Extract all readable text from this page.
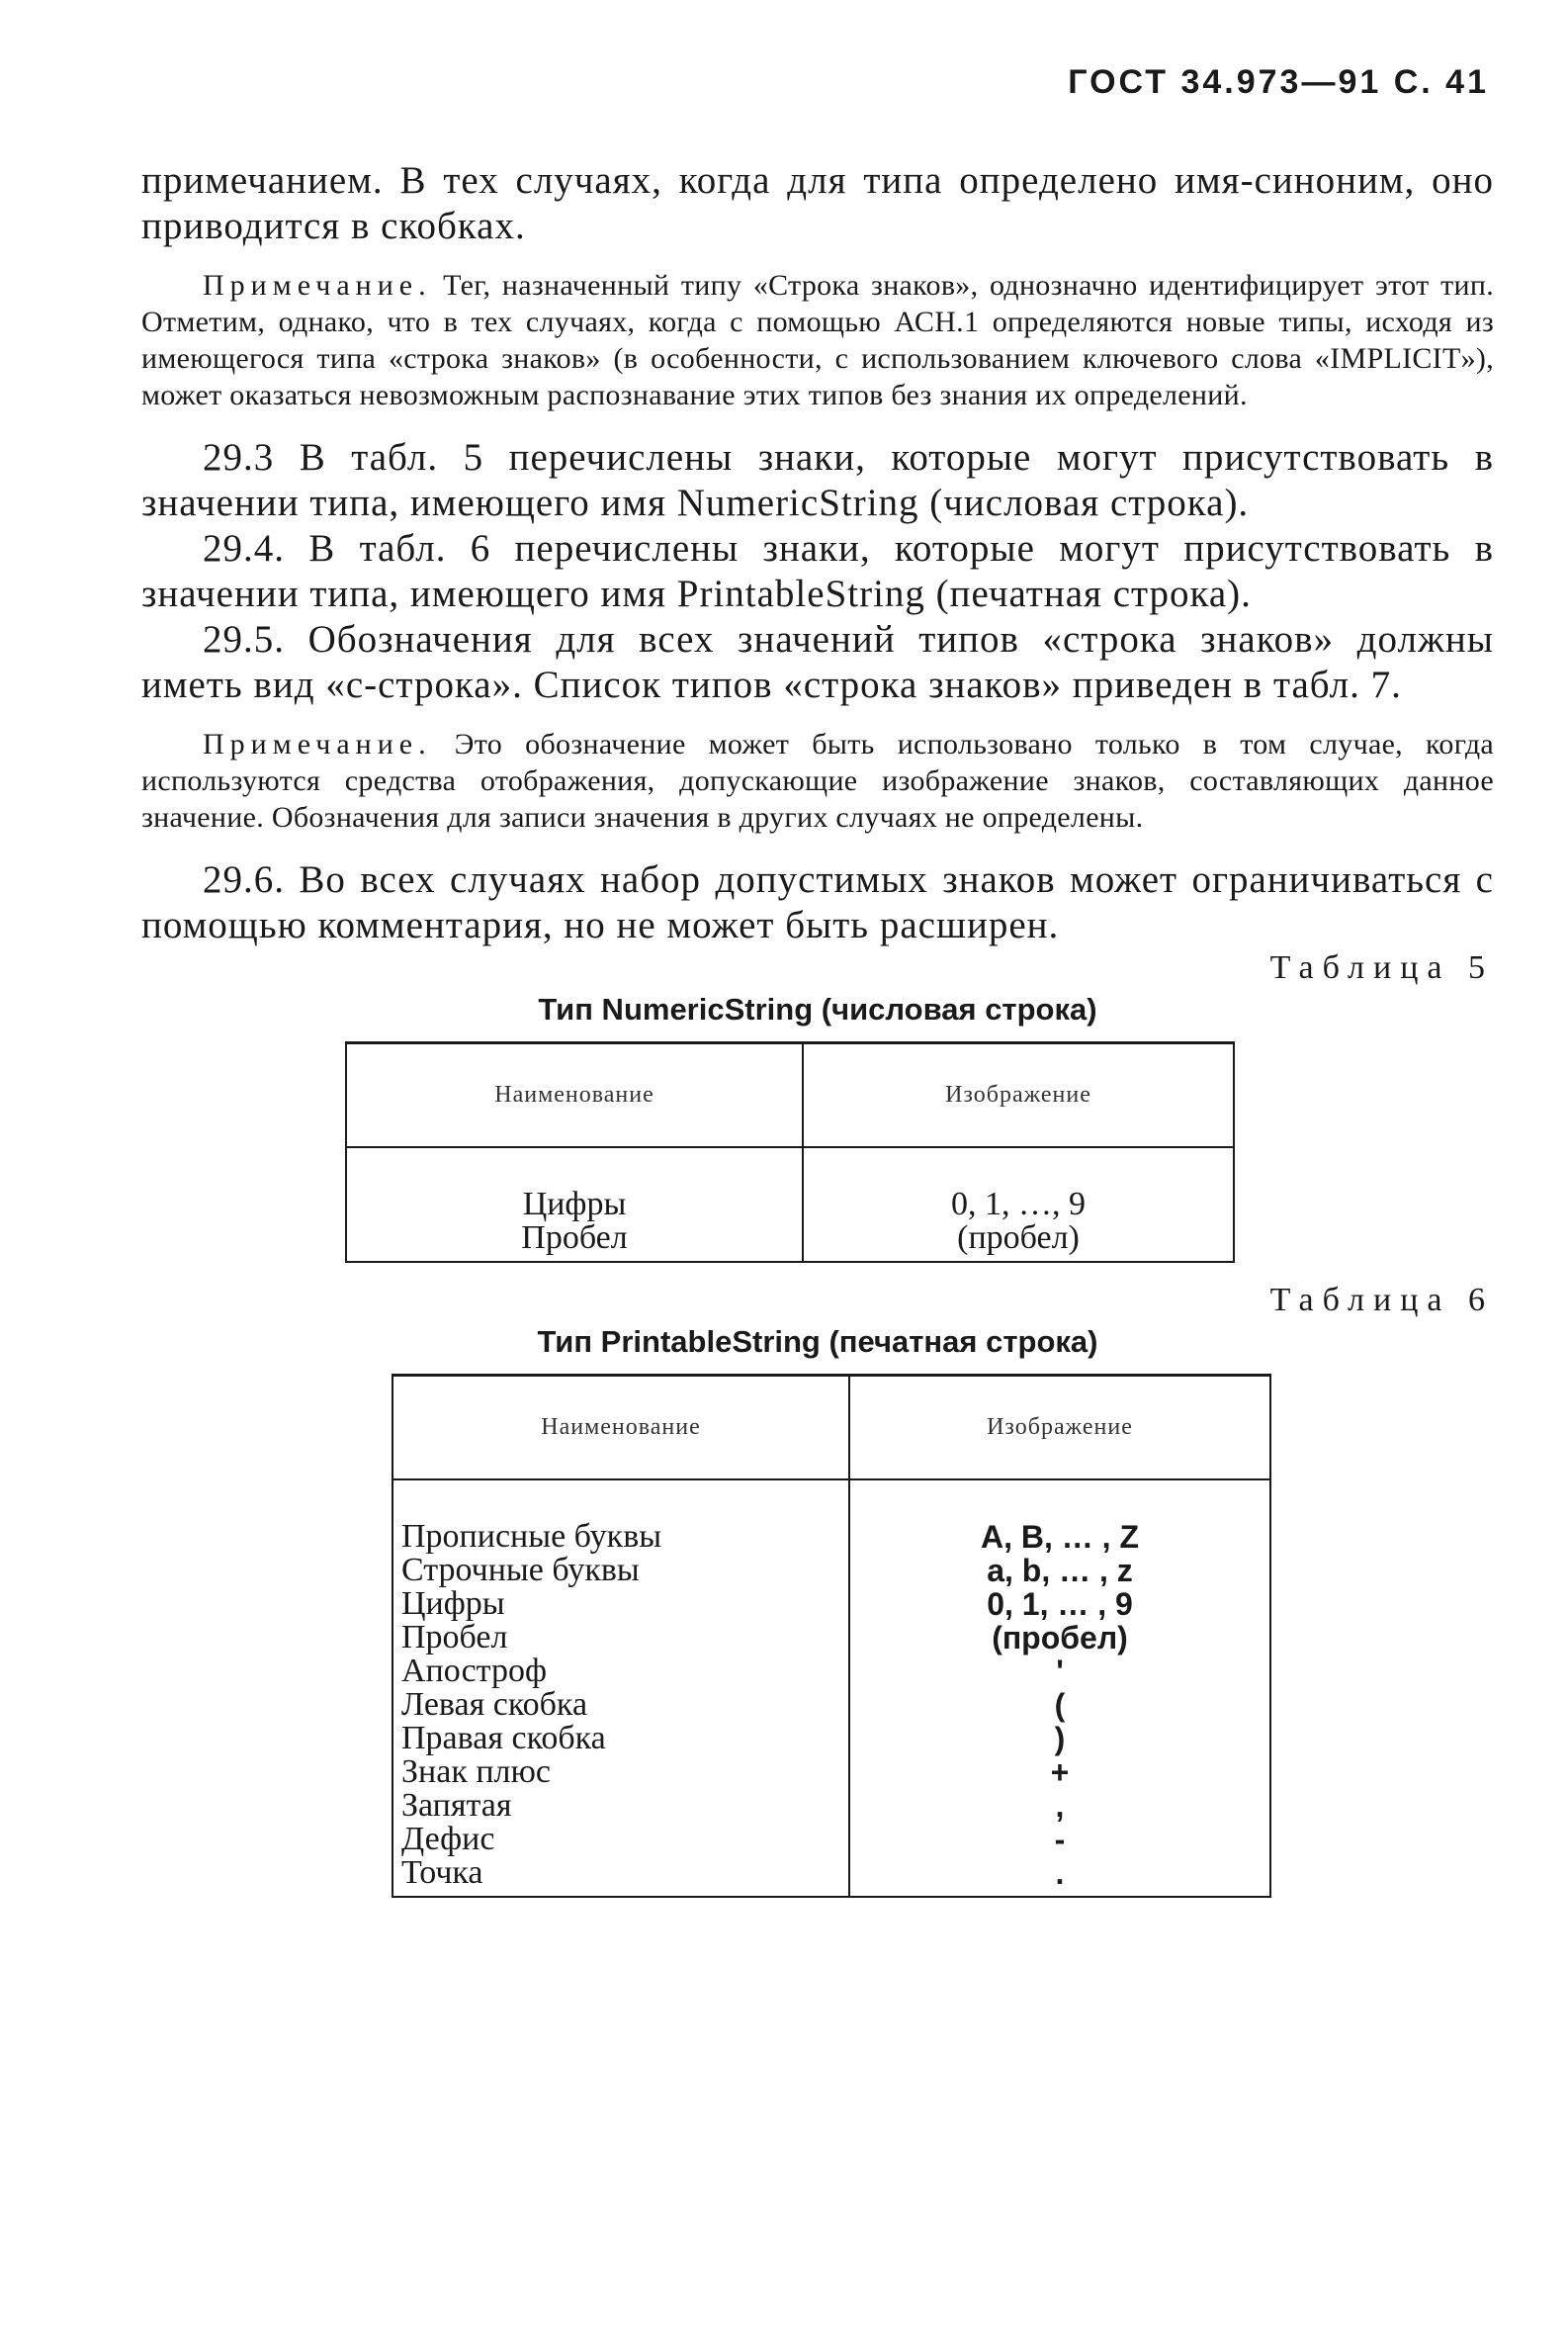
ГОСТ 34.973—91 С. 41

примечанием. В тех случаях, когда для типа определено имя-синоним, оно приводится в скобках.

Примечание. Тег, назначенный типу «Строка знаков», однозначно идентифицирует этот тип. Отметим, однако, что в тех случаях, когда с помощью АСН.1 определяются новые типы, исходя из имеющегося типа «строка знаков» (в особенности, с использованием ключевого слова «IMPLICIT»), может оказаться невозможным распознавание этих типов без знания их определений.

29.3 В табл. 5 перечислены знаки, которые могут присутствовать в значении типа, имеющего имя NumericString (числовая строка).

29.4. В табл. 6 перечислены знаки, которые могут присутствовать в значении типа, имеющего имя PrintableString (печатная строка).

29.5. Обозначения для всех значений типов «строка знаков» должны иметь вид «с-строка». Список типов «строка знаков» приведен в табл. 7.

Примечание. Это обозначение может быть использовано только в том случае, когда используются средства отображения, допускающие изображение знаков, составляющих данное значение. Обозначения для записи значения в других случаях не определены.

29.6. Во всех случаях набор допустимых знаков может ограничиваться с помощью комментария, но не может быть расширен.

Таблица 5

Тип NumericString (числовая строка)
Наименование	Изображение
Цифры	0, 1, …, 9
Пробел	(пробел)

Таблица 6

Тип PrintableString (печатная строка)
Наименование	Изображение
Прописные буквы	A, B, … , Z
Строчные буквы	a, b, … , z
Цифры	0, 1, … , 9
Пробел	(пробел)
Апостроф	'
Левая скобка	(
Правая скобка	)
Знак плюс	+
Запятая	,
Дефис	-
Точка	.
